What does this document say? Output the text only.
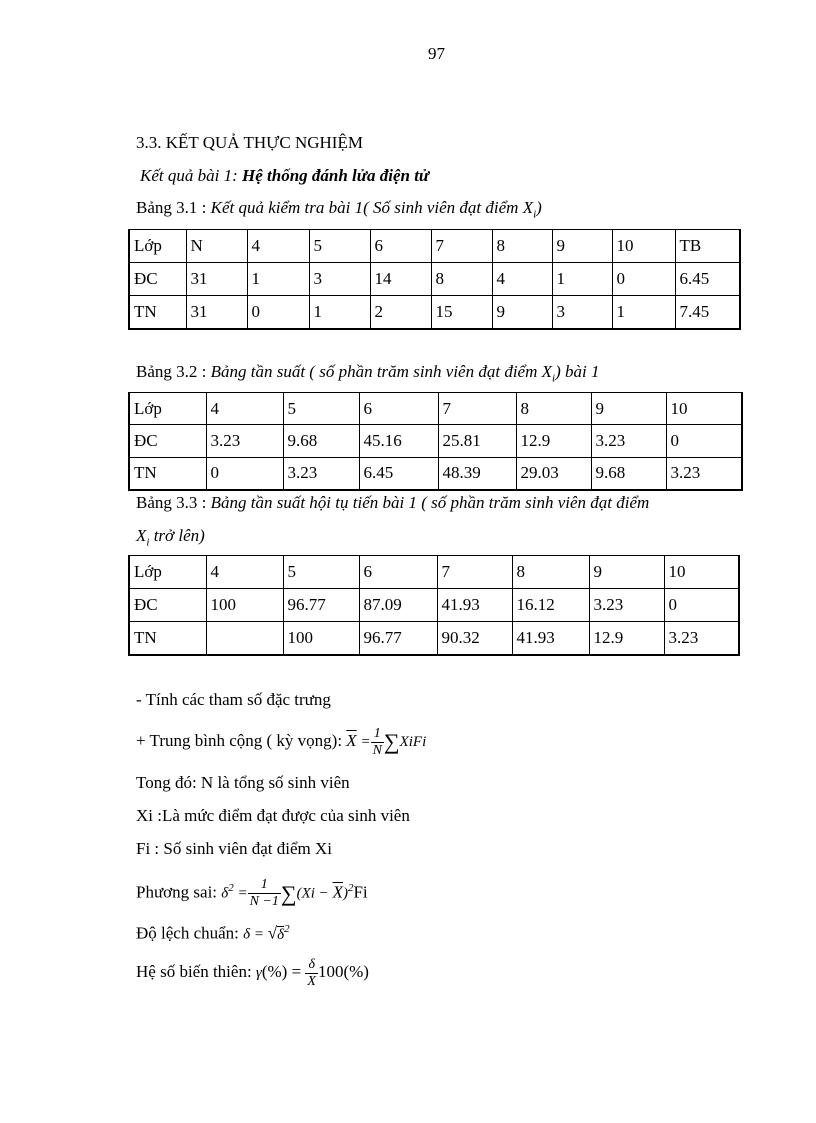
97
3.3. KẾT QUẢ THỰC NGHIỆM
Kết quả bài 1: Hệ thống đánh lửa điện tử
Bảng 3.1 : Kết quả kiểm tra bài 1( Số sinh viên đạt điểm $X_i$)
Lớp	N	4	5	6	7	8	9	10	TB
ĐC	31	1	3	14	8	4	1	0	6.45
TN	31	0	1	2	15	9	3	1	7.45
Bảng 3.2 : Bảng tần suất ( số phần trăm sinh viên đạt điểm $X_i$) bài 1
Lớp	4	5	6	7	8	9	10
ĐC	3.23	9.68	45.16	25.81	12.9	3.23	0
TN	0	3.23	6.45	48.39	29.03	9.68	3.23
Bảng 3.3 : Bảng tần suất hội tụ tiến bài 1 ( số phần trăm sinh viên đạt điểm
$X_i$ trở lên)
Lớp	4	5	6	7	8	9	10
ĐC	100	96.77	87.09	41.93	16.12	3.23	0
TN		100	96.77	90.32	41.93	12.9	3.23
- Tính các tham số đặc trưng
+ Trung bình cộng ( kỳ vọng): $\overline{X} = \frac{1}{N}$ ∑XiFi
Tong đó: N là tổng số sinh viên
Xi :Là mức điểm đạt được của sinh viên
Fi : Số sinh viên đạt điểm Xi
Phương sai: $\delta^2 = \frac{1}{N -1} \sum(Xi - \overline{X})^2Fi$
Độ lệch chuẩn: $\delta = √\delta^2$
Hệ số biến thiên: $\gamma(\%) = \frac{\delta}{X} 100(\%)$
